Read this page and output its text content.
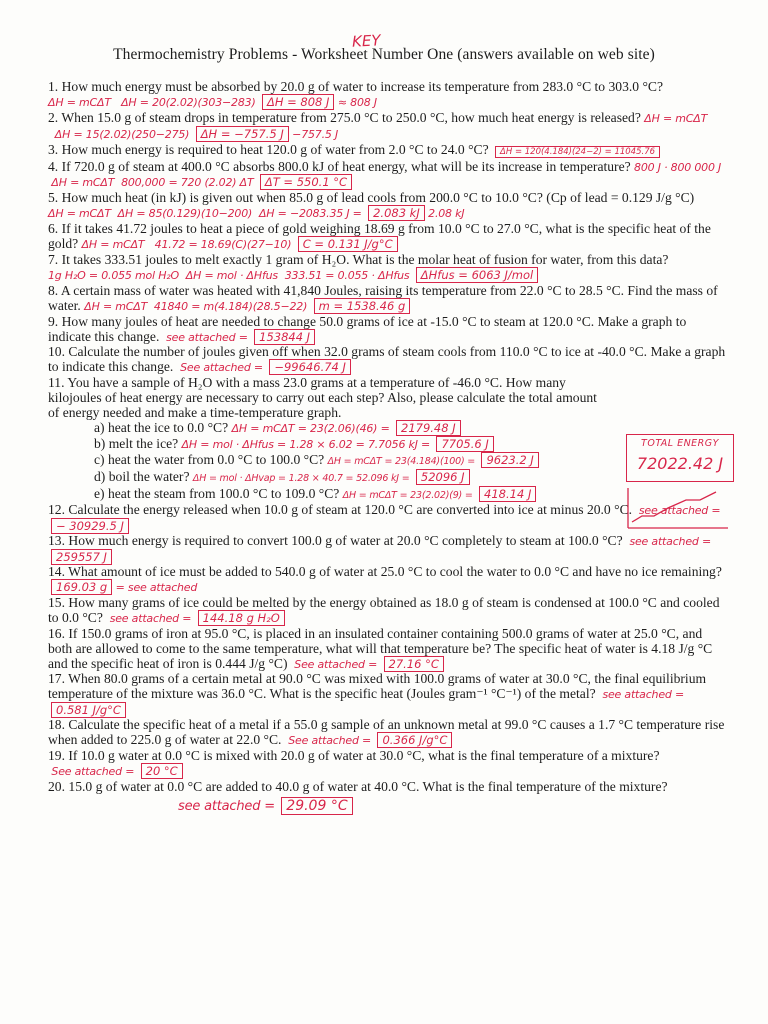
KEY
Thermochemistry Problems - Worksheet Number One (answers available on web site)

1. How much energy must be absorbed by 20.0 g of water to increase its temperature from 283.0 °C to 303.0 °C? ΔH = mCΔT ΔH = 20(2.02)(303−283) ΔH = 808 J ≈ 808 J

2. When 15.0 g of steam drops in temperature from 275.0 °C to 250.0 °C, how much heat energy is released? ΔH = mCΔT   ΔH = 15(2.02)(250−275) ΔH = −757.5 J −757.5 J

3. How much energy is required to heat 120.0 g of water from 2.0 °C to 24.0 °C? ΔH = 120(4.184)(24−2) = 11045.76

4. If 720.0 g of steam at 400.0 °C absorbs 800.0 kJ of heat energy, what will be its increase in temperature? 800 J · 800 000 J  ΔH = mCΔT 800,000 = 720 (2.02) ΔT ΔT = 550.1 °C

5. How much heat (in kJ) is given out when 85.0 g of lead cools from 200.0 °C to 10.0 °C? (Cp of lead = 0.129 J/g °C) ΔH = mCΔT ΔH = 85(0.129)(10−200) ΔH = −2083.35 J = 2.083 kJ 2.08 kJ

6. If it takes 41.72 joules to heat a piece of gold weighing 18.69 g from 10.0 °C to 27.0 °C, what is the specific heat of the gold? ΔH = mCΔT 41.72 = 18.69(C)(27−10) C = 0.131 J/g°C

7. It takes 333.51 joules to melt exactly 1 gram of H₂O. What is the molar heat of fusion for water, from this data? 1g H₂O = 0.055 mol H₂O ΔH = mol · ΔHfus 333.51 = 0.055 · ΔHfus ΔHfus = 6063 J/mol

8. A certain mass of water was heated with 41,840 Joules, raising its temperature from 22.0 °C to 28.5 °C. Find the mass of water. ΔH = mCΔT 41840 = m(4.184)(28.5−22) m = 1538.46 g

9. How many joules of heat are needed to change 50.0 grams of ice at -15.0 °C to steam at 120.0 °C. Make a graph to indicate this change. see attached = 153844 J

10. Calculate the number of joules given off when 32.0 grams of steam cools from 110.0 °C to ice at -40.0 °C. Make a graph to indicate this change. See attached = −99646.74 J

11. You have a sample of H₂O with a mass 23.0 grams at a temperature of -46.0 °C. How many kilojoules of heat energy are necessary to carry out each step? Also, please calculate the total amount of energy needed and make a time-temperature graph.

a) heat the ice to 0.0 °C? ΔH = mCΔT = 23(2.06)(46) = 2179.48 J

b) melt the ice? ΔH = mol · ΔHfus = 1.28 × 6.02 = 7.7056 kJ = 7705.6 J

c) heat the water from 0.0 °C to 100.0 °C? ΔH = mCΔT = 23(4.184)(100) = 9623.2 J

d) boil the water? ΔH = mol · ΔHvap = 1.28 × 40.7 = 52.096 kJ = 52096 J

e) heat the steam from 100.0 °C to 109.0 °C? ΔH = mCΔT = 23(2.02)(9) = 418.14 J

12. Calculate the energy released when 10.0 g of steam at 120.0 °C are converted into ice at minus 20.0 °C. see attached = − 30929.5 J

13. How much energy is required to convert 100.0 g of water at 20.0 °C completely to steam at 100.0 °C? see attached = 259557 J

14. What amount of ice must be added to 540.0 g of water at 25.0 °C to cool the water to 0.0 °C and have no ice remaining? 169.03 g = see attached

15. How many grams of ice could be melted by the energy obtained as 18.0 g of steam is condensed at 100.0 °C and cooled to 0.0 °C? see attached = 144.18 g H₂O

16. If 150.0 grams of iron at 95.0 °C, is placed in an insulated container containing 500.0 grams of water at 25.0 °C, and both are allowed to come to the same temperature, what will that temperature be? The specific heat of water is 4.18 J/g °C and the specific heat of iron is 0.444 J/g °C) See attached = 27.16 °C

17. When 80.0 grams of a certain metal at 90.0 °C was mixed with 100.0 grams of water at 30.0 °C, the final equilibrium temperature of the mixture was 36.0 °C. What is the specific heat (Joules gram⁻¹ °C⁻¹) of the metal? see attached = 0.581 J/g°C

18. Calculate the specific heat of a metal if a 55.0 g sample of an unknown metal at 99.0 °C causes a 1.7 °C temperature rise when added to 225.0 g of water at 22.0 °C. See attached = 0.366 J/g°C

19. If 10.0 g water at 0.0 °C is mixed with 20.0 g of water at 30.0 °C, what is the final temperature of a mixture?  See attached = 20 °C

20. 15.0 g of water at 0.0 °C are added to 40.0 g of water at 40.0 °C. What is the final temperature of the mixture?

see attached = 29.09 °C

TOTAL ENERGY
72022.42 J
